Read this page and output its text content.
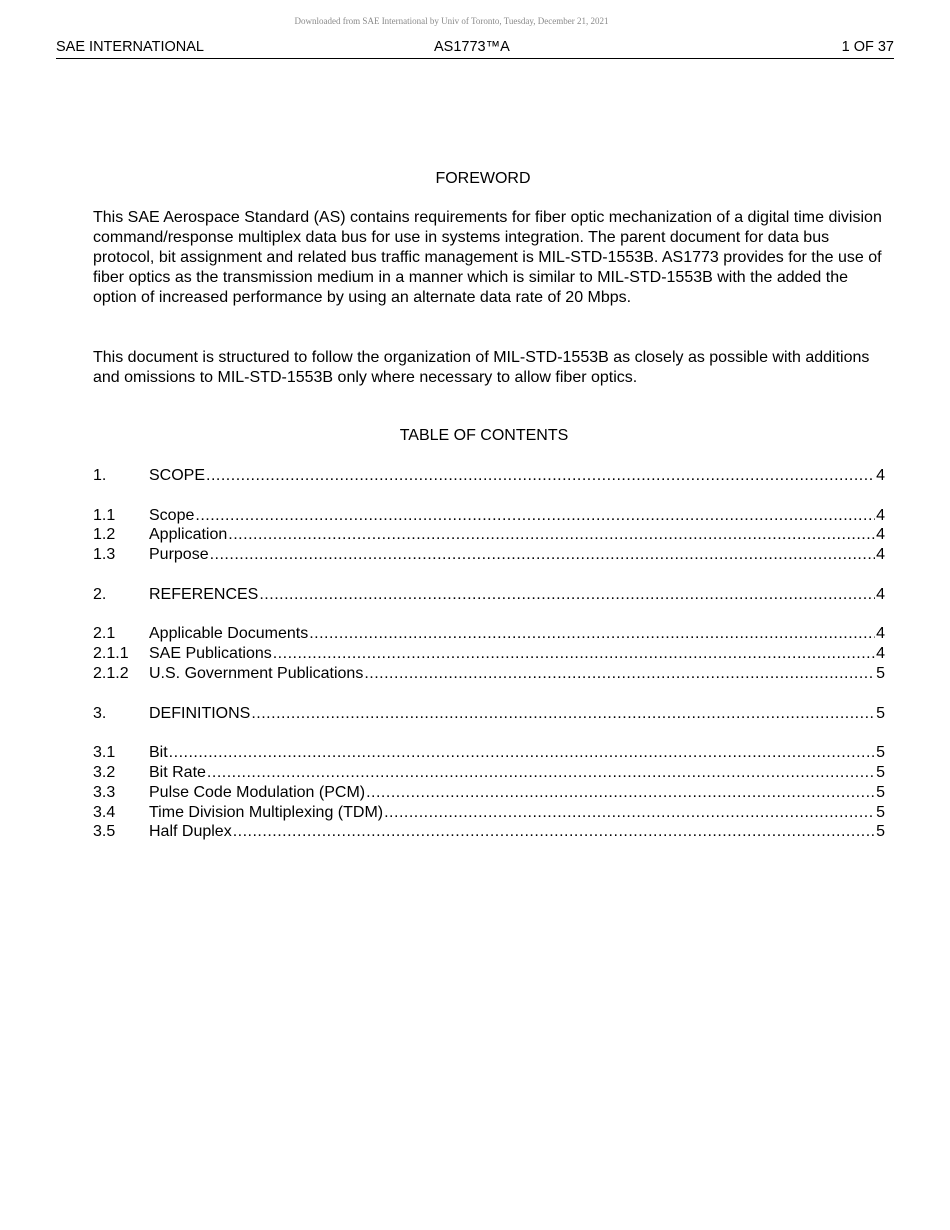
Downloaded from SAE International by Univ of Toronto, Tuesday, December 21, 2021
SAE INTERNATIONAL	AS1773™A	1 OF 37
FOREWORD
This SAE Aerospace Standard (AS) contains requirements for fiber optic mechanization of a digital time division command/response multiplex data bus for use in systems integration. The parent document for data bus protocol, bit assignment and related bus traffic management is MIL-STD-1553B. AS1773 provides for the use of fiber optics as the transmission medium in a manner which is similar to MIL-STD-1553B with the added the option of increased performance by using an alternate data rate of 20 Mbps.
This document is structured to follow the organization of MIL-STD-1553B as closely as possible with additions and omissions to MIL-STD-1553B only where necessary to allow fiber optics.
TABLE OF CONTENTS
1.	SCOPE .....	4
1.1	Scope .....	4
1.2	Application .....	4
1.3	Purpose .....	4
2.	REFERENCES .....	4
2.1	Applicable Documents .....	4
2.1.1	SAE Publications .....	4
2.1.2	U.S. Government Publications .....	5
3.	DEFINITIONS .....	5
3.1	Bit .....	5
3.2	Bit Rate .....	5
3.3	Pulse Code Modulation (PCM) .....	5
3.4	Time Division Multiplexing (TDM) .....	5
3.5	Half Duplex .....	5
